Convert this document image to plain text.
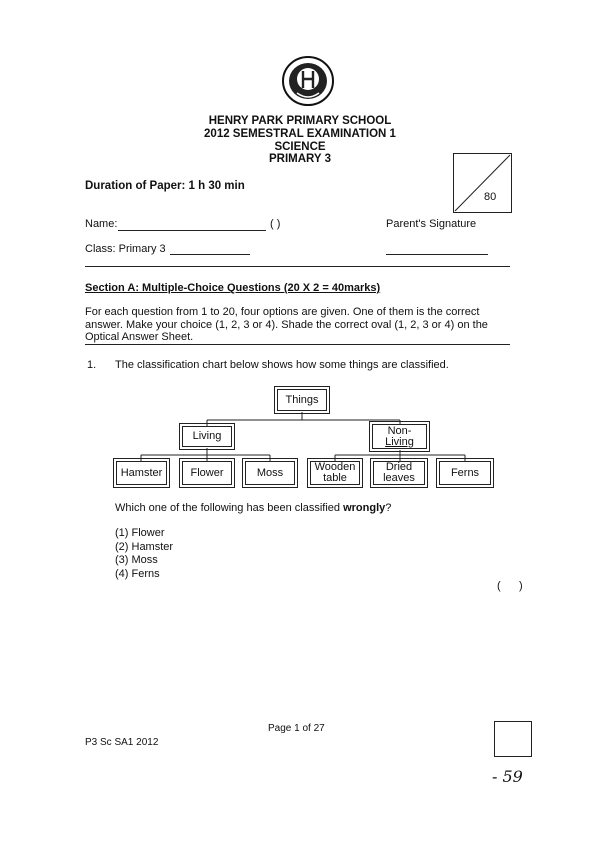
HENRY PARK PRIMARY SCHOOL
2012 SEMESTRAL EXAMINATION 1
SCIENCE
PRIMARY 3
Duration of Paper: 1 h 30 min
80
Name:	( )	Parent's Signature
Class: Primary 3
Section A: Multiple-Choice Questions (20 X 2 = 40marks)
For each question from 1 to 20, four options are given. One of them is the correct
answer. Make your choice (1, 2, 3 or 4). Shade the correct oval (1, 2, 3 or 4) on the
Optical Answer Sheet.
1. The classification chart below shows how some things are classified.
Things
Living	Non-
Living
Hamster	Flower	Moss	Wooden
table
Dried
leaves	Ferns
Which one of the following has been classified wrongly?
(1) Flower
(2) Hamster
(3) Moss
(4) Ferns
(      )
Page 1 of 27
P3 Sc SA1 2012
- 59
